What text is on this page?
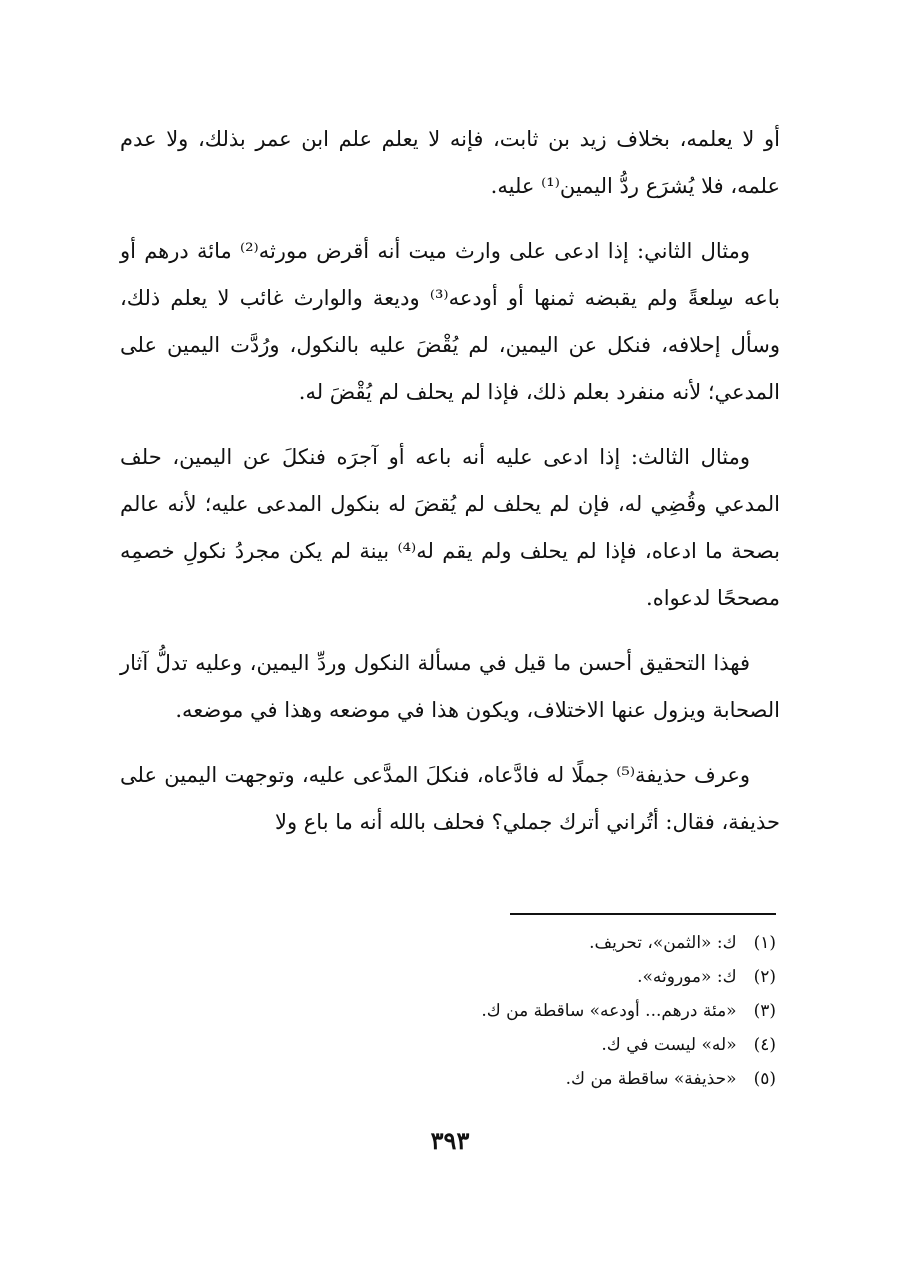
أو لا يعلمه، بخلاف زيد بن ثابت، فإنه لا يعلم علم ابن عمر بذلك، ولا عدم علمه، فلا يُشرَع ردُّ اليمين⁽¹⁾ عليه.

ومثال الثاني: إذا ادعى على وارث ميت أنه أقرض مورثه⁽²⁾ مائة درهم أو باعه سِلعةً ولم يقبضه ثمنها أو أودعه⁽³⁾ وديعة والوارث غائب لا يعلم ذلك، وسأل إحلافه، فنكل عن اليمين، لم يُقْضَ عليه بالنكول، ورُدَّت اليمين على المدعي؛ لأنه منفرد بعلم ذلك، فإذا لم يحلف لم يُقْضَ له.

ومثال الثالث: إذا ادعى عليه أنه باعه أو آجرَه فنكلَ عن اليمين، حلف المدعي وقُضِي له، فإن لم يحلف لم يُقضَ له بنكول المدعى عليه؛ لأنه عالم بصحة ما ادعاه، فإذا لم يحلف ولم يقم له⁽⁴⁾ بينة لم يكن مجردُ نكولِ خصمِه مصححًا لدعواه.

فهذا التحقيق أحسن ما قيل في مسألة النكول وردِّ اليمين، وعليه تدلُّ آثار الصحابة ويزول عنها الاختلاف، ويكون هذا في موضعه وهذا في موضعه.

وعرف حذيفة⁽⁵⁾ جملًا له فادَّعاه، فنكلَ المدَّعى عليه، وتوجهت اليمين على حذيفة، فقال: أتُراني أترك جملي؟ فحلف بالله أنه ما باع ولا

(١) ك: «الثمن»، تحريف.

(٢) ك: «موروثه».

(٣) «مئة درهم... أودعه» ساقطة من ك.

(٤) «له» ليست في ك.

(٥) «حذيفة» ساقطة من ك.

٣٩٣
